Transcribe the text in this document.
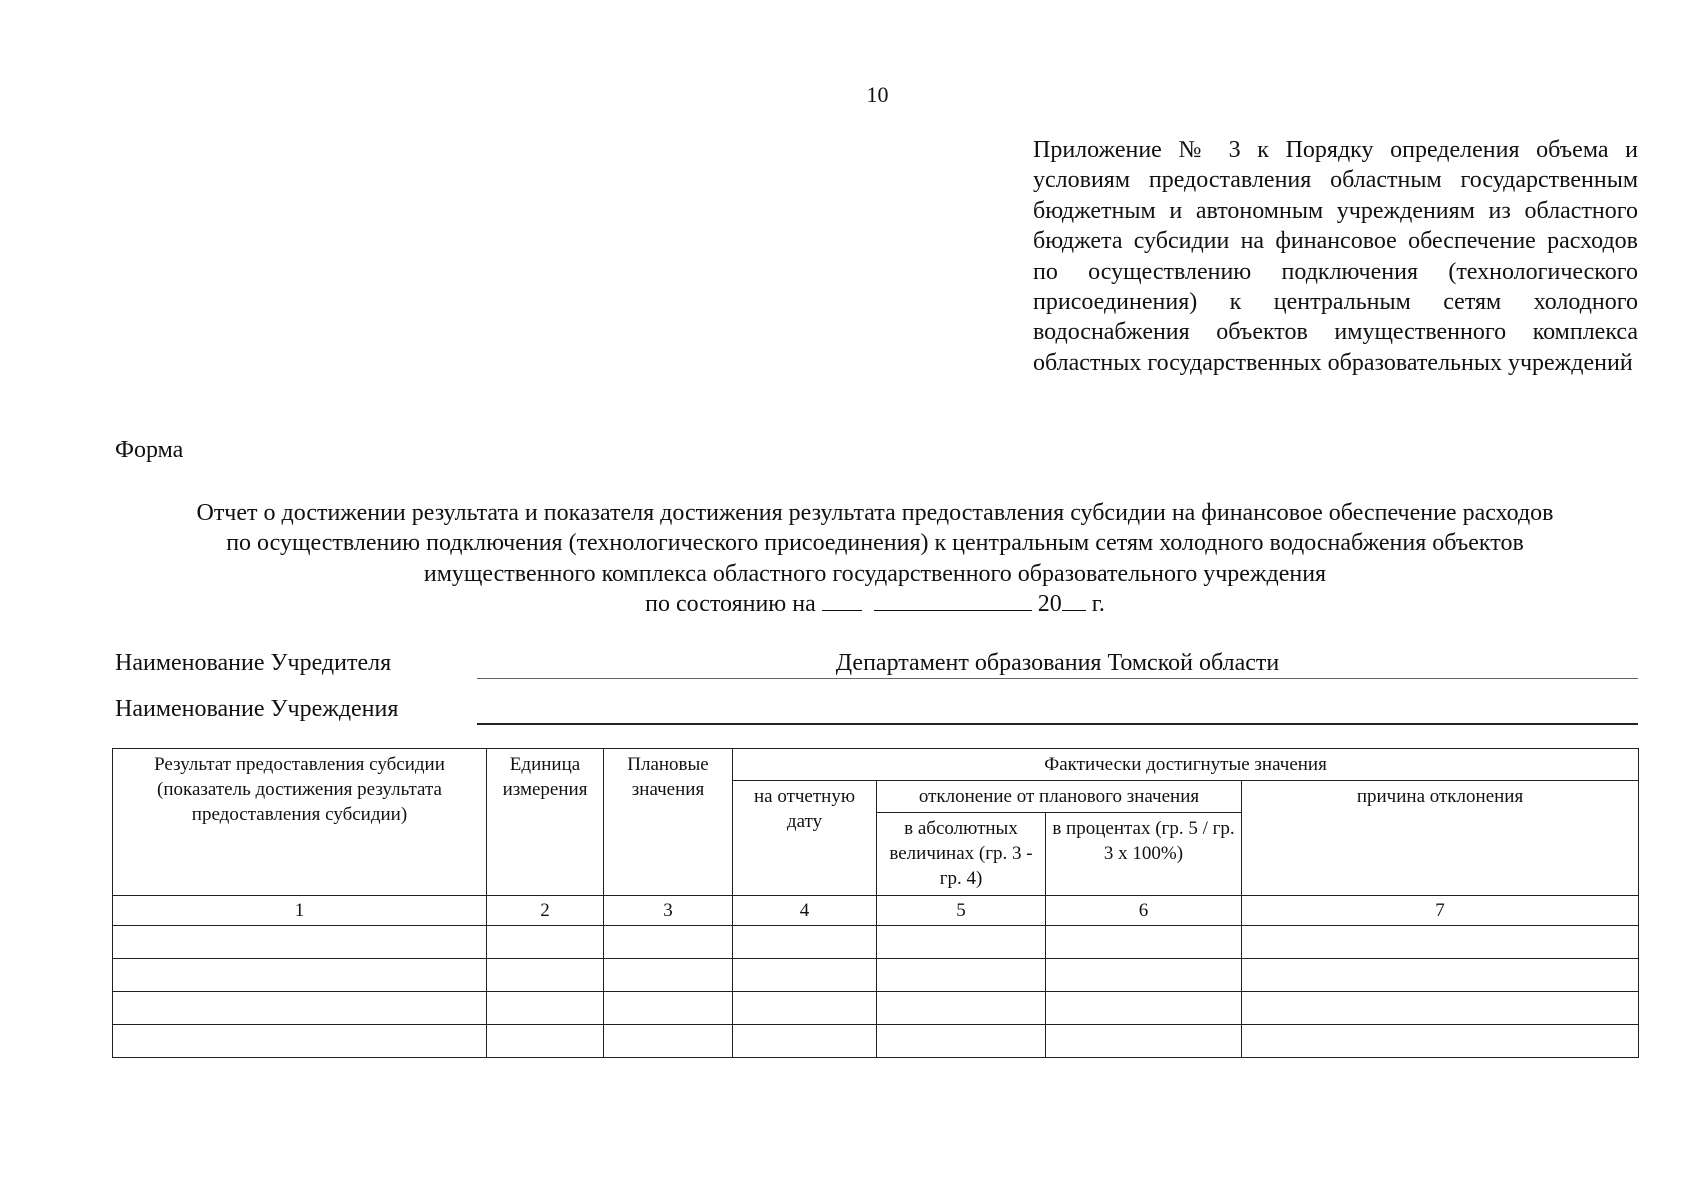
10
Приложение № 3 к Порядку определения объема и условиям предоставления областным государственным бюджетным и автономным учреждениям из областного бюджета субсидии на финансовое обеспечение расходов по осуществлению подключения (технологического присоединения) к центральным сетям холодного водоснабжения объектов имущественного комплекса областных государственных образовательных учреждений
Форма
Отчет о достижении результата и показателя достижения результата предоставления субсидии на финансовое обеспечение расходов
по осуществлению подключения (технологического присоединения) к центральным сетям холодного водоснабжения объектов
имущественного комплекса областного государственного образовательного учреждения
по состоянию на	20 г.
Наименование Учредителя	Департамент образования Томской области
Наименование Учреждения
Результат предоставления субсидии (показатель достижения результата предоставления субсидии)	Единица измерения	Плановые значения	Фактически достигнутые значения			
			на отчетную дату	отклонение от планового значения		причина отклонения
				в абсолютных величинах (гр. 3 - гр. 4)	в процентах (гр. 5 / гр. 3 x 100%)	
1	2	3	4	5	6	7
